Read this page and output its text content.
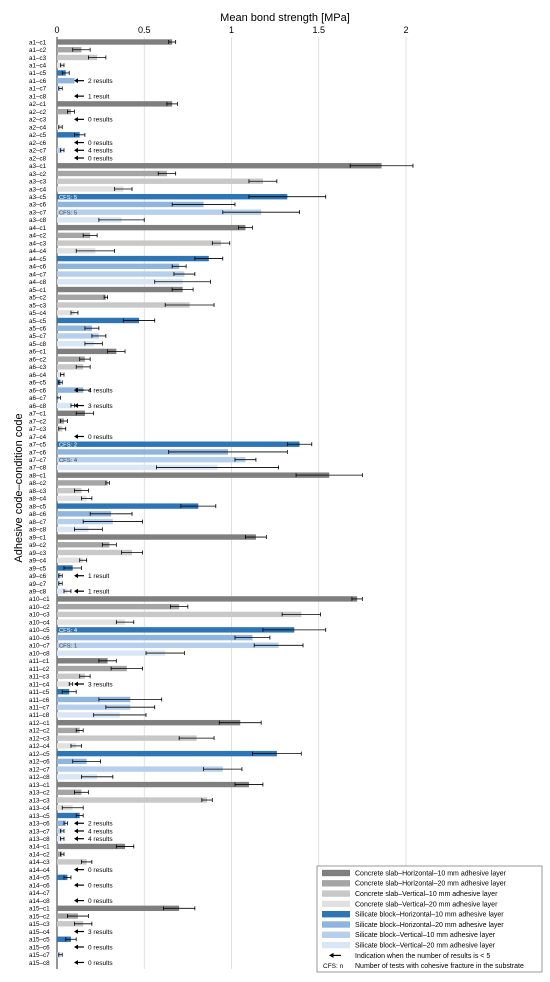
Mean bond strength [MPa]
Adhesive code–condition code
a1–c1
a1–c2
a1–c3
a1–c4
a1–c5
a1–c6
a1–c7
a1–c8
a2–c1
a2–c2
a2–c3
a2–c4
a2–c5
a2–c6
a2–c7
a2–c8
a3–c1
a3–c2
a3–c3
a3–c4
a3–c5
a3–c6
a3–c7
a3–c8
a4–c1
a4–c2
a4–c3
a4–c4
a4–c5
a4–c6
a4–c7
a4–c8
a5–c1
a5–c2
a5–c3
a5–c4
a5–c5
a5–c6
a5–c7
a5–c8
a6–c1
a6–c2
a6–c3
a6–c4
a6–c5
a6–c6
a6–c7
a6–c8
a7–c1
a7–c2
a7–c3
a7–c4
a7–c5
a7–c6
a7–c7
a7–c8
a8–c1
a8–c2
a8–c3
a8–c4
a8–c5
a8–c6
a8–c7
a8–c8
a9–c1
a9–c2
a9–c3
a9–c4
a9–c5
a9–c6
a9–c7
a9–c8
a10–c1
a10–c2
a10–c3
a10–c4
a10–c5
a10–c6
a10–c7
a10–c8
a11–c1
a11–c2
a11–c3
a11–c4
a11–c5
a11–c6
a11–c7
a11–c8
a12–c1
a12–c2
a12–c3
a12–c4
a12–c5
a12–c6
a12–c7
a12–c8
a13–c1
a13–c2
a13–c3
a13–c4
a13–c5
a13–c6
a13–c7
a13–c8
a14–c1
a14–c2
a14–c3
a14–c4
a14–c5
a14–c6
a14–c7
a14–c8
a15–c1
a15–c2
a15–c3
a15–c4
a15–c5
a15–c6
a15–c7
a15–c8
0	0.5	1	1.5	2
2 results
1 result
0 results
0 results
4 results
0 results
4 results
3 results
0 results
1 result
1 result
3 results
2 results
4 results
4 results
0 results
0 results
0 results
3 results
0 results
0 results
CFS: 5
CFS: 5
CFS: 2
CFS: 4
CFS: 4
CFS: 1
Concrete slab–Horizontal–10 mm adhesive layer
Concrete slab–Horizontal–20 mm adhesive layer
Concrete slab–Vertical–10 mm adhesive layer
Concrete slab–Vertical–20 mm adhesive layer
Silicate block–Horizontal–10 mm adhesive layer
Silicate block–Horizontal–20 mm adhesive layer
Silicate block–Vertical–10 mm adhesive layer
Silicate block–Vertical–20 mm adhesive layer
Indication when the number of results is < 5
CFS: n Number of tests with cohesive fracture in the substrate
